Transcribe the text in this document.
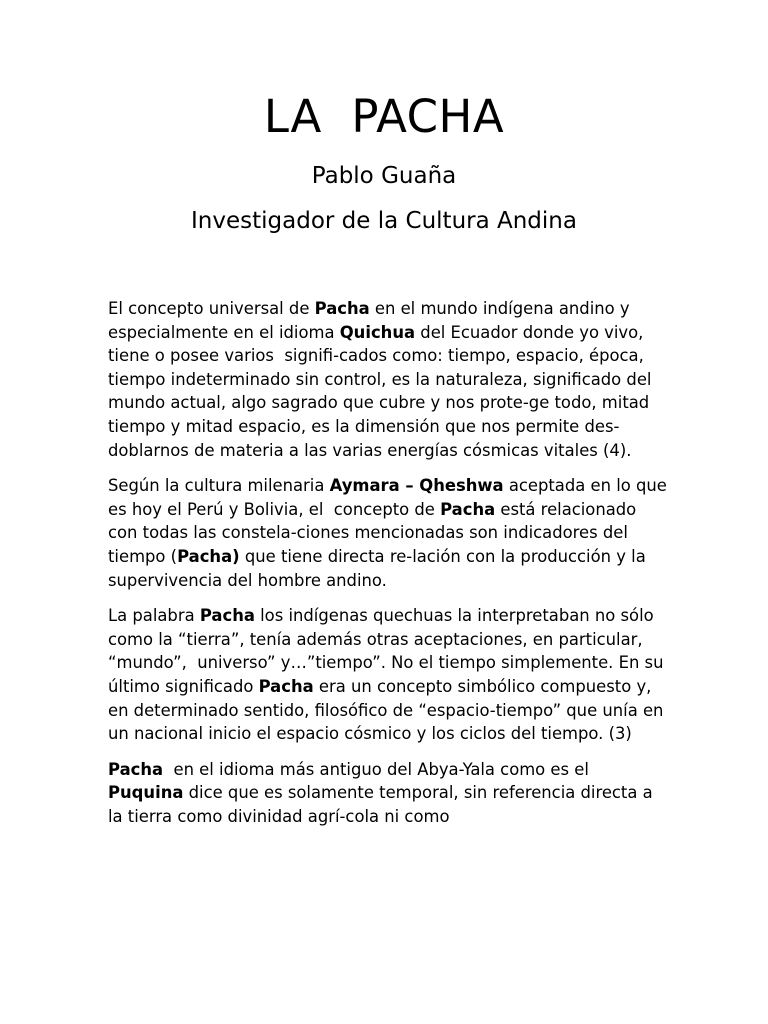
LA  PACHA
Pablo Guaña
Investigador de la Cultura Andina

El concepto universal de Pacha en el mundo indígena andino y especialmente en el idioma Quichua del Ecuador donde yo vivo, tiene o posee varios  signifi-cados como: tiempo, espacio, época, tiempo indeterminado sin control, es la naturaleza, significado del mundo actual, algo sagrado que cubre y nos prote-ge todo, mitad tiempo y mitad espacio, es la dimensión que nos permite des-doblarnos de materia a las varias energías cósmicas vitales (4).

Según la cultura milenaria Aymara – Qheshwa aceptada en lo que es hoy el Perú y Bolivia, el  concepto de Pacha está relacionado con todas las constela-ciones mencionadas son indicadores del tiempo (Pacha) que tiene directa re-lación con la producción y la supervivencia del hombre andino.

La palabra Pacha los indígenas quechuas la interpretaban no sólo como la “tierra”, tenía además otras aceptaciones, en particular, “mundo”,  universo” y…”tiempo”. No el tiempo simplemente. En su último significado Pacha era un concepto simbólico compuesto y, en determinado sentido, filosófico de “espacio-tiempo” que unía en un nacional inicio el espacio cósmico y los ciclos del tiempo. (3)

Pacha  en el idioma más antiguo del Abya-Yala como es el Puquina dice que es solamente temporal, sin referencia directa a la tierra como divinidad agrí-cola ni como
